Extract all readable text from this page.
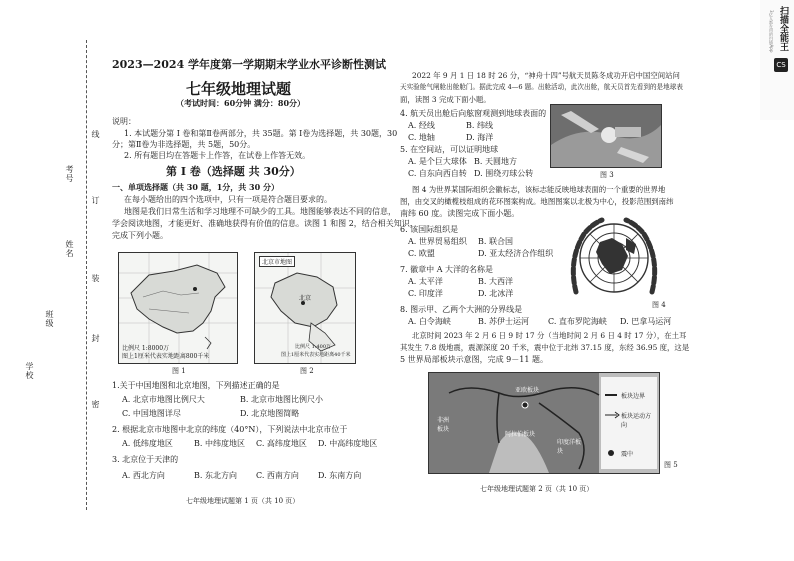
线
考号
订
姓名
装
班级
封
学校
密
2023—2024 学年度第一学期期末学业水平诊断性测试
七年级地理试题
（考试时间：60分钟 满分：80分）
说明：
1. 本试题分第 I 卷和第Ⅱ卷两部分，共 35题。第 I卷为选择题，共 30题，30
分；第Ⅱ卷为非选择题，共 5题，50分。
2. 所有题目均在答题卡上作答，在试卷上作答无效。
第 I 卷（选择题 共 30分）
一、单项选择题（共 30 题，1分，共 30 分）
在每小题给出的四个选项中，只有一项是符合题目要求的。
地图是我们日常生活和学习地理不可缺少的工具。地图能够表达不同的信息，
学会阅读地图，才能更好、准确地获得有价值的信息。读图 1 和图 2，结合相关知识，
完成下列小题。
比例尺 1:8000万
图上1厘米代表实地距离800千米
图 1
北京市地图
北京
比例尺 1:400万
图上1厘米代表实地距离40千米
图 2
1.关于中国地图和北京地图，下列描述正确的是
A. 北京市地图比例尺大	B. 北京市地图比例尺小
C. 中国地图详尽	D. 北京地图简略
2. 根据北京市地图中北京的纬度（40°N），下列说法中北京市位于
A. 低纬度地区	B. 中纬度地区 C. 高纬度地区 D. 中高纬度地区
3. 北京位于天津的
A. 西北方向	B. 东北方向 C. 西南方向 D. 东南方向
七年级地理试题第 1 页（共 10 页）
2022 年 9 月 1 日 18 时 26 分，“神舟十四”号航天员陈冬成功开启中国空间站问
天实验舱气闸舱出舱舱门。据此完成 4—6 题。出舱活动，此次出舱，航天员首先看到的是地球表
面，读图 3 完成下面小题。
4. 航天员出舱后向舷窗观测到地球表面的
A. 经线	B. 纬线
C. 地轴	D. 海洋
图 3
5. 在空间站，可以证明地球
A. 是个巨大球体 B. 天圆地方
C. 自东向西自转 D. 围绕刃球公转
图 4 为世界某国际组织会徽标志，该标志能反映地球表面的一个重要的世界地
图，由交叉的橄榄枝组成的花环图案构成。地图图案以北极为中心，投影范围到南纬
南纬 60 度。读图完成下面小题。
6. 该国际组织是
A. 世界贸易组织 B. 联合国
C. 欧盟	D. 亚太经济合作组织
7. 徽章中 A 大洋的名称是
A. 太平洋	B. 大西洋
C. 印度洋	D. 北冰洋
图 4
8. 图示甲、乙两个大洲的分界线是
A. 白令海峡	B. 苏伊士运河 C. 直布罗陀海峡 D. 巴拿马运河
北京时间 2023 年 2 月 6 日 9 时 17 分（当地时间 2 月 6 日 4 时 17 分），在土耳
其发生 7.8 级地震，震源深度 20 千米，震中位于北纬 37.15 度，东经 36.95 度，这是
5 世界局部板块示意图，完成 9－11 题。
亚欧板块
非洲板块
阿拉伯板块
印度洋板块
板块边界
板块运动方向
震中
图 5
七年级地理试题第 2 页（共 10 页）
扫描全能王
3亿人都在用的扫描App
CS
